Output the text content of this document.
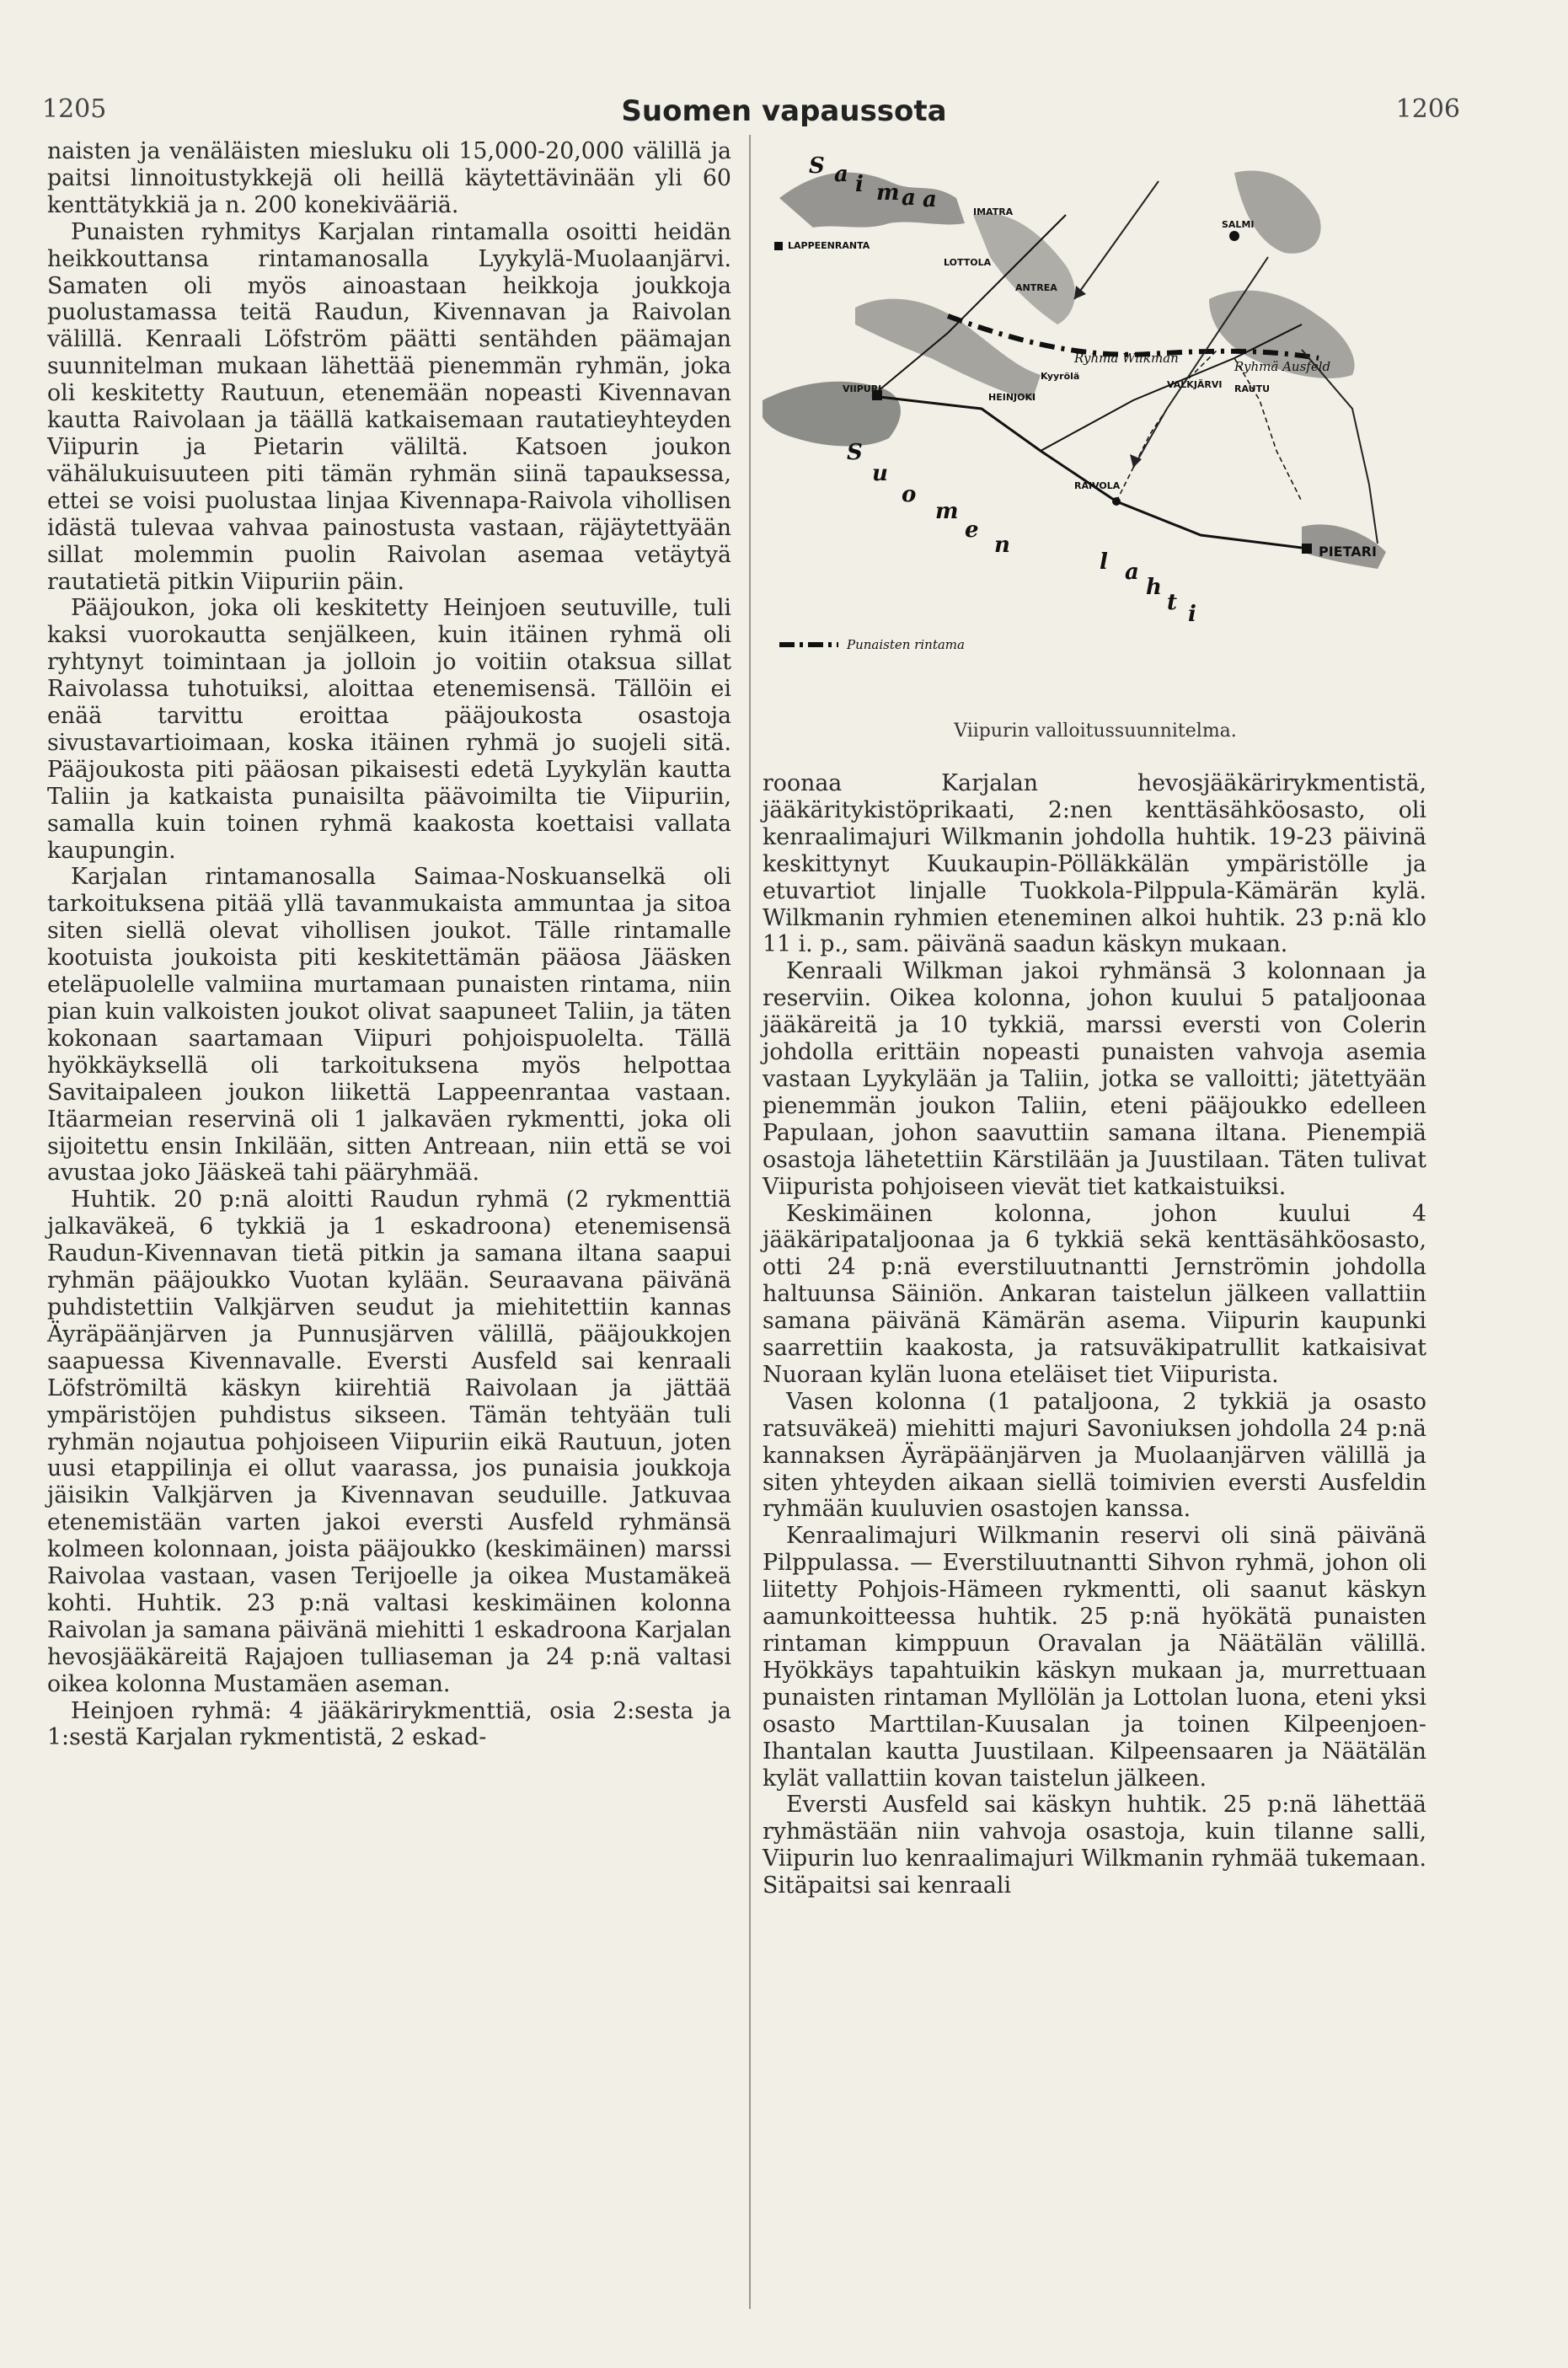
1205	Suomen vapaussota	1206

naisten ja venäläisten miesluku oli 15,000-20,000 välillä ja paitsi linnoitustykkejä oli heillä käytettävinään yli 60 kenttätykkiä ja n. 200 konekivääriä.

Punaisten ryhmitys Karjalan rintamalla osoitti heidän heikkouttansa rintamanosalla Lyykylä-Muolaanjärvi. Samaten oli myös ainoastaan heikkoja joukkoja puolustamassa teitä Raudun, Kivennavan ja Raivolan välillä. Kenraali Löfström päätti sentähden päämajan suunnitelman mukaan lähettää pienemmän ryhmän, joka oli keskitetty Rautuun, etenemään nopeasti Kivennavan kautta Raivolaan ja täällä katkaisemaan rautatieyhteyden Viipurin ja Pietarin väliltä. Katsoen joukon vähälukuisuuteen piti tämän ryhmän siinä tapauksessa, ettei se voisi puolustaa linjaa Kivennapa-Raivola vihollisen idästä tulevaa vahvaa painostusta vastaan, räjäytettyään sillat molemmin puolin Raivolan asemaa vetäytyä rautatietä pitkin Viipuriin päin.

Pääjoukon, joka oli keskitetty Heinjoen seutuville, tuli kaksi vuorokautta senjälkeen, kuin itäinen ryhmä oli ryhtynyt toimintaan ja jolloin jo voitiin otaksua sillat Raivolassa tuhotuiksi, aloittaa etenemisensä. Tällöin ei enää tarvittu eroittaa pääjoukosta osastoja sivustavartioimaan, koska itäinen ryhmä jo suojeli sitä. Pääjoukosta piti pääosan pikaisesti edetä Lyykylän kautta Taliin ja katkaista punaisilta päävoimilta tie Viipuriin, samalla kuin toinen ryhmä kaakosta koettaisi vallata kaupungin.

Karjalan rintamanosalla Saimaa-Noskuanselkä oli tarkoituksena pitää yllä tavanmukaista ammuntaa ja sitoa siten siellä olevat vihollisen joukot. Tälle rintamalle kootuista joukoista piti keskitettämän pääosa Jääsken eteläpuolelle valmiina murtamaan punaisten rintama, niin pian kuin valkoisten joukot olivat saapuneet Taliin, ja täten kokonaan saartamaan Viipuri pohjoispuolelta. Tällä hyökkäyksellä oli tarkoituksena myös helpottaa Savitaipaleen joukon liikettä Lappeenrantaa vastaan. Itäarmeian reservinä oli 1 jalkaväen rykmentti, joka oli sijoitettu ensin Inkilään, sitten Antreaan, niin että se voi avustaa joko Jääskeä tahi pääryhmää.

Huhtik. 20 p:nä aloitti Raudun ryhmä (2 rykmenttiä jalkaväkeä, 6 tykkiä ja 1 eskadroona) etenemisensä Raudun-Kivennavan tietä pitkin ja samana iltana saapui ryhmän pääjoukko Vuotan kylään. Seuraavana päivänä puhdistettiin Valkjärven seudut ja miehitettiin kannas Äyräpäänjärven ja Punnusjärven välillä, pääjoukkojen saapuessa Kivennavalle. Eversti Ausfeld sai kenraali Löfströmiltä käskyn kiirehtiä Raivolaan ja jättää ympäristöjen puhdistus sikseen. Tämän tehtyään tuli ryhmän nojautua pohjoiseen Viipuriin eikä Rautuun, joten uusi etappilinja ei ollut vaarassa, jos punaisia joukkoja jäisikin Valkjärven ja Kivennavan seuduille. Jatkuvaa etenemistään varten jakoi eversti Ausfeld ryhmänsä kolmeen kolonnaan, joista pääjoukko (keskimäinen) marssi Raivolaa vastaan, vasen Terijoelle ja oikea Mustamäkeä kohti. Huhtik. 23 p:nä valtasi keskimäinen kolonna Raivolan ja samana päivänä miehitti 1 eskadroona Karjalan hevosjääkäreitä Rajajoen tulliaseman ja 24 p:nä valtasi oikea kolonna Mustamäen aseman.

Heinjoen ryhmä: 4 jääkärirykmenttiä, osia 2:sesta ja 1:sestä Karjalan rykmentistä, 2 eskad-

LAPPEENRANTA
IMATRA
SALMI
LOTTOLA
ANTREA
VIIPURI
HEINJOKI
Kyyrölä
VALKJÄRVI RAUTU
Ryhmä Wilkman
Ryhmä Ausfeld
RAIVOLA
PIETARI
S a i m a a
S
u
o
m
e
n
l a
h
t i
Punaisten rintama
Viipurin valloitussuunnitelma.

roonaa Karjalan hevosjääkärirykmentistä, jääkäritykistöprikaati, 2:nen kenttäsähköosasto, oli kenraalimajuri Wilkmanin johdolla huhtik. 19-23 päivinä keskittynyt Kuukaupin-Pölläkkälän ympäristölle ja etuvartiot linjalle Tuokkola-Pilppula-Kämärän kylä. Wilkmanin ryhmien eteneminen alkoi huhtik. 23 p:nä klo 11 i. p., sam. päivänä saadun käskyn mukaan.

Kenraali Wilkman jakoi ryhmänsä 3 kolonnaan ja reserviin. Oikea kolonna, johon kuului 5 pataljoonaa jääkäreitä ja 10 tykkiä, marssi eversti von Colerin johdolla erittäin nopeasti punaisten vahvoja asemia vastaan Lyykylään ja Taliin, jotka se valloitti; jätettyään pienemmän joukon Taliin, eteni pääjoukko edelleen Papulaan, johon saavuttiin samana iltana. Pienempiä osastoja lähetettiin Kärstilään ja Juustilaan. Täten tulivat Viipurista pohjoiseen vievät tiet katkaistuiksi.

Keskimäinen kolonna, johon kuului 4 jääkäripataljoonaa ja 6 tykkiä sekä kenttäsähköosasto, otti 24 p:nä everstiluutnantti Jernströmin johdolla haltuunsa Säiniön. Ankaran taistelun jälkeen vallattiin samana päivänä Kämärän asema. Viipurin kaupunki saarrettiin kaakosta, ja ratsuväkipatrullit katkaisivat Nuoraan kylän luona eteläiset tiet Viipurista.

Vasen kolonna (1 pataljoona, 2 tykkiä ja osasto ratsuväkeä) miehitti majuri Savoniuksen johdolla 24 p:nä kannaksen Äyräpäänjärven ja Muolaanjärven välillä ja siten yhteyden aikaan siellä toimivien eversti Ausfeldin ryhmään kuuluvien osastojen kanssa.

Kenraalimajuri Wilkmanin reservi oli sinä päivänä Pilppulassa. — Everstiluutnantti Sihvon ryhmä, johon oli liitetty Pohjois-Hämeen rykmentti, oli saanut käskyn aamunkoitteessa huhtik. 25 p:nä hyökätä punaisten rintaman kimppuun Oravalan ja Näätälän välillä. Hyökkäys tapahtuikin käskyn mukaan ja, murrettuaan punaisten rintaman Myllölän ja Lottolan luona, eteni yksi osasto Marttilan-Kuusalan ja toinen Kilpeenjoen-Ihantalan kautta Juustilaan. Kilpeensaaren ja Näätälän kylät vallattiin kovan taistelun jälkeen.

Eversti Ausfeld sai käskyn huhtik. 25 p:nä lähettää ryhmästään niin vahvoja osastoja, kuin tilanne salli, Viipurin luo kenraalimajuri Wilkmanin ryhmää tukemaan. Sitäpaitsi sai kenraali
